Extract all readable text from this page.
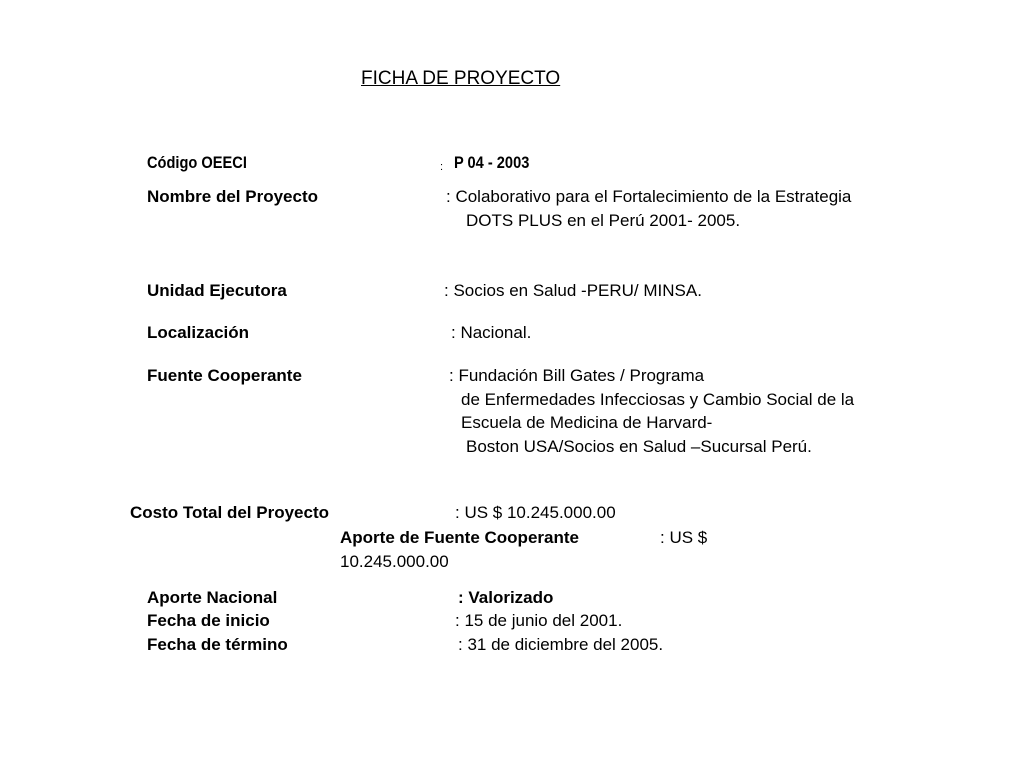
FICHA DE PROYECTO
Código OEECI	: P 04 - 2003
Nombre del Proyecto	: Colaborativo para el Fortalecimiento de la Estrategia
DOTS PLUS en el Perú 2001- 2005.
Unidad Ejecutora	: Socios en Salud -PERU/ MINSA.
Localización	: Nacional.
Fuente Cooperante	: Fundación Bill Gates / Programa
de Enfermedades Infecciosas y Cambio Social de la
Escuela de Medicina de Harvard-
Boston USA/Socios en Salud –Sucursal Perú.
Costo Total del Proyecto	: US $ 10.245.000.00
Aporte de Fuente Cooperante	: US $
10.245.000.00
Aporte Nacional	: Valorizado
Fecha de inicio	: 15 de junio del 2001.
Fecha de término	: 31 de diciembre del 2005.
